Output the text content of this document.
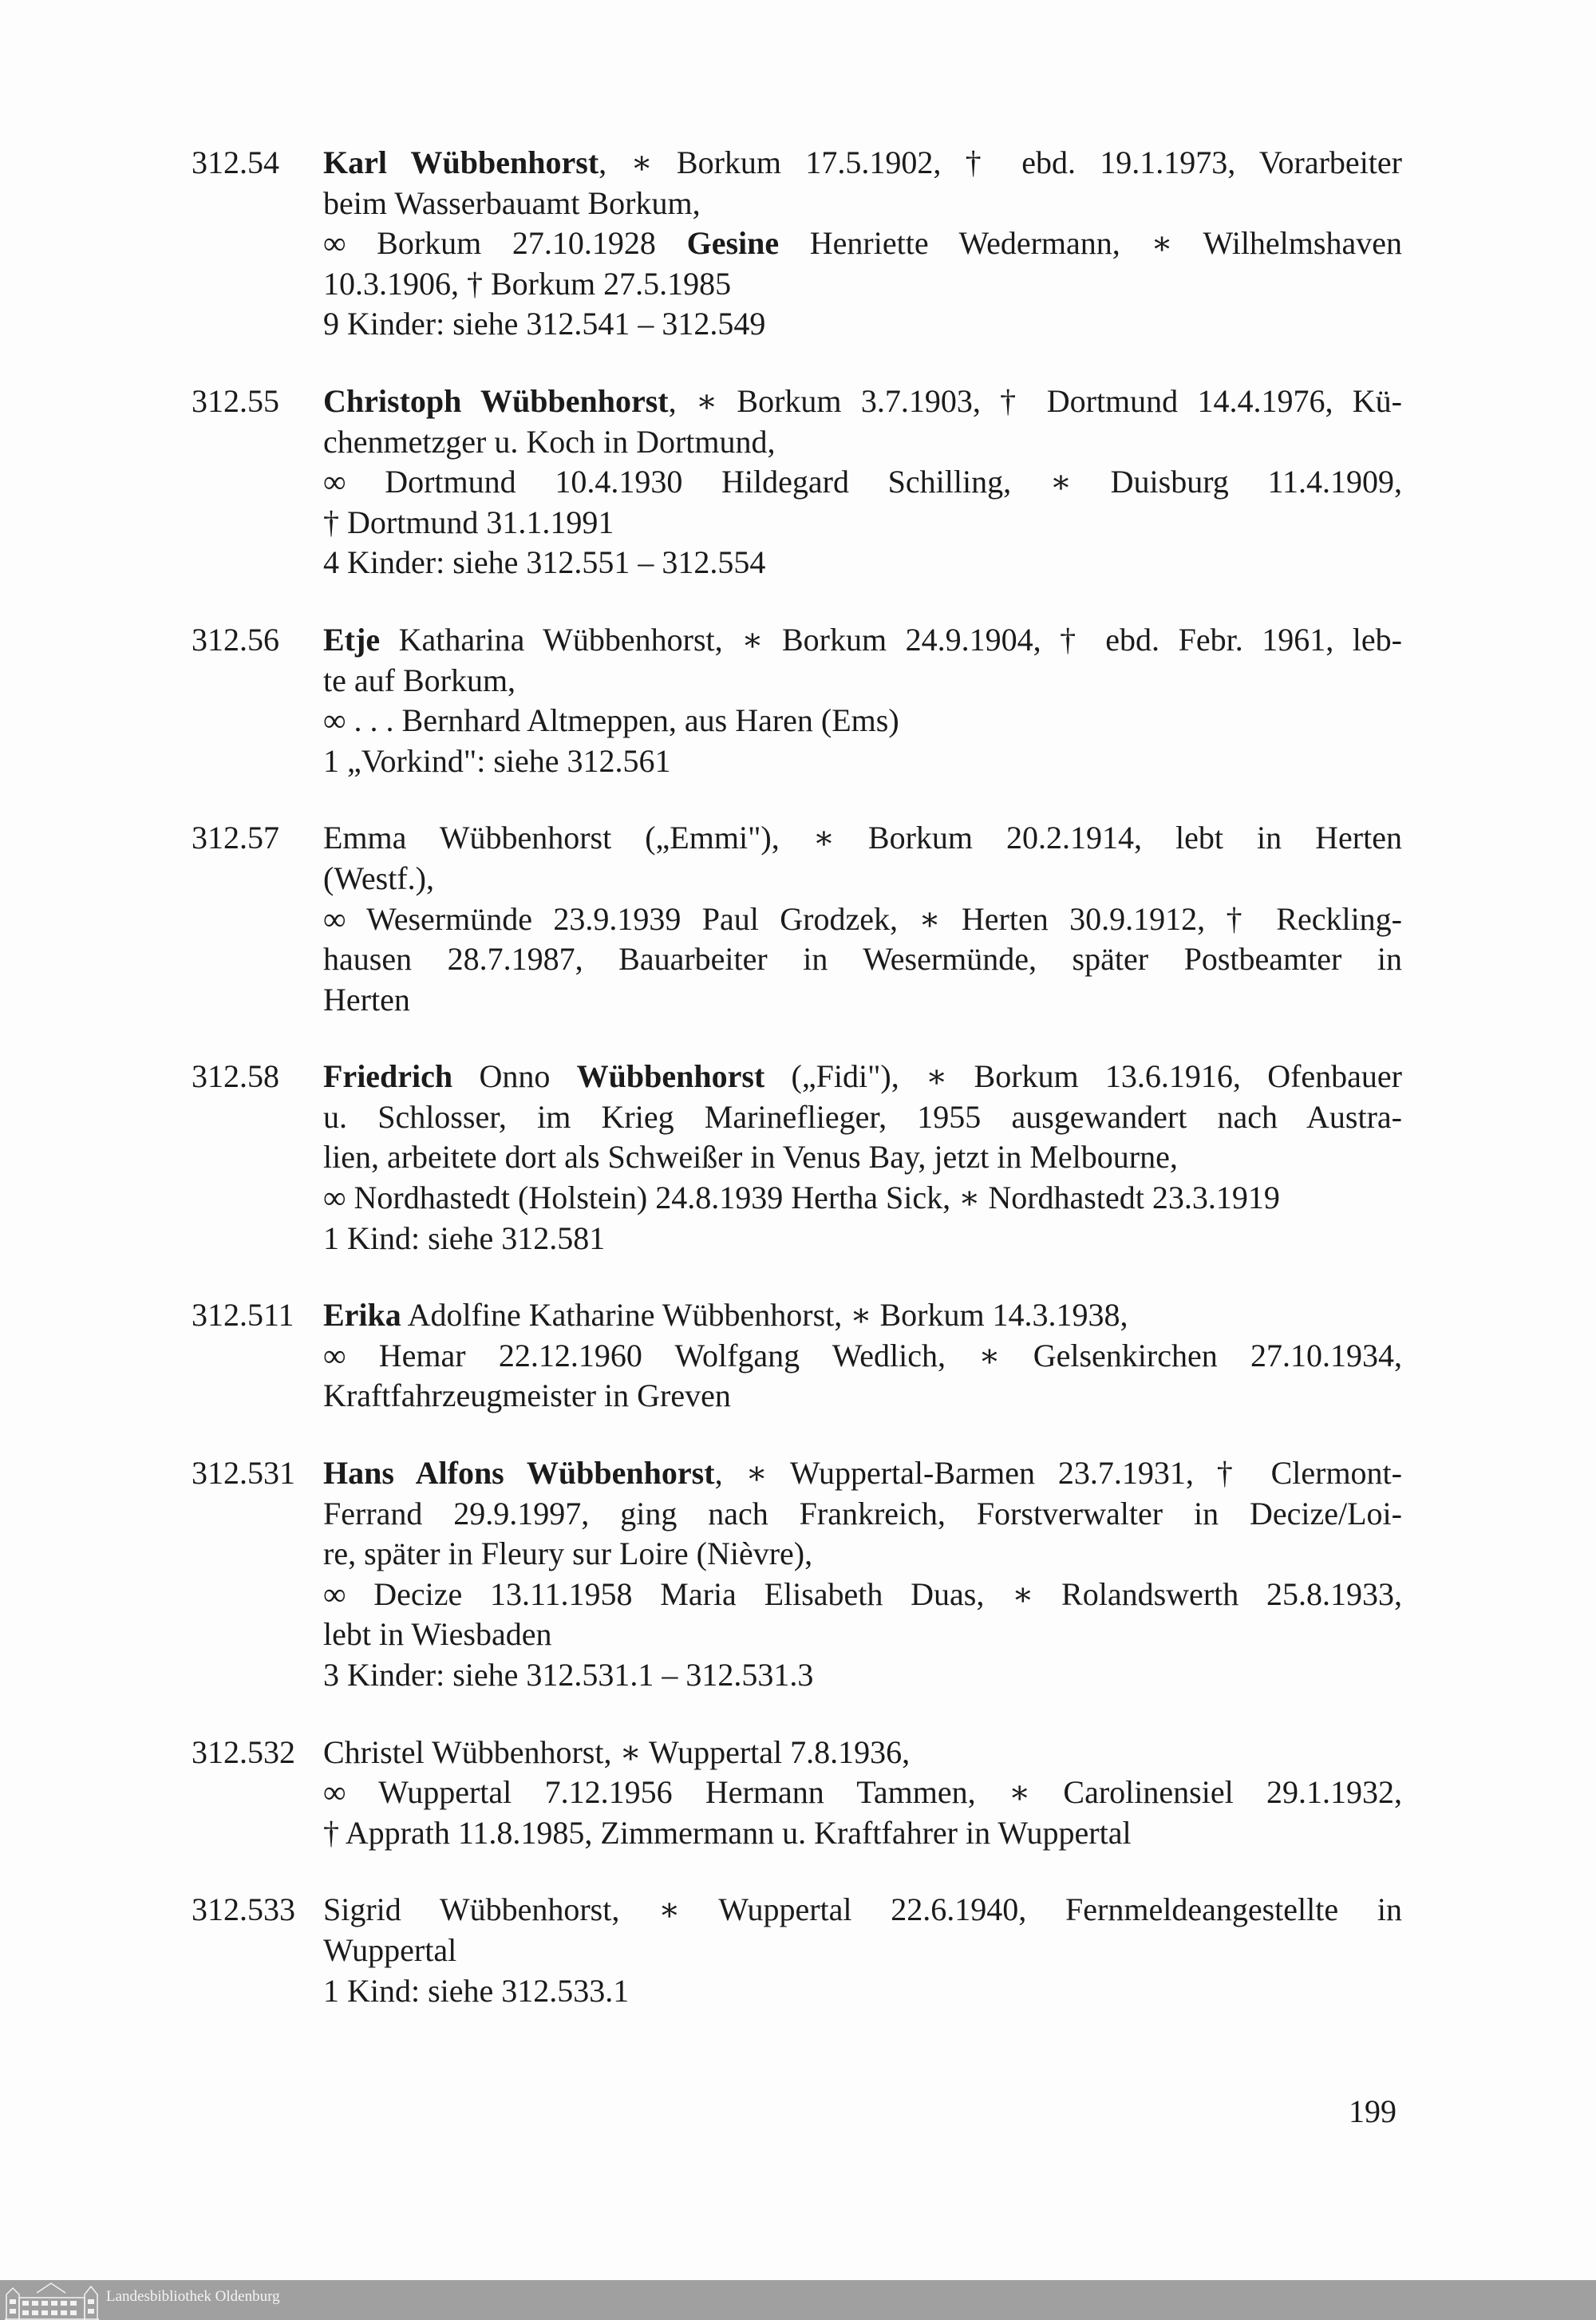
312.54 Karl Wübbenhorst, ∗ Borkum 17.5.1902, † ebd. 19.1.1973, Vorarbeiter
beim Wasserbauamt Borkum,
∞ Borkum 27.10.1928 Gesine Henriette Wedermann, ∗ Wilhelmshaven
10.3.1906, † Borkum 27.5.1985
9 Kinder: siehe 312.541 – 312.549
312.55 Christoph Wübbenhorst, ∗ Borkum 3.7.1903, † Dortmund 14.4.1976, Kü-
chenmetzger u. Koch in Dortmund,
∞ Dortmund 10.4.1930 Hildegard Schilling, ∗ Duisburg 11.4.1909,
† Dortmund 31.1.1991
4 Kinder: siehe 312.551 – 312.554
312.56 Etje Katharina Wübbenhorst, ∗ Borkum 24.9.1904, † ebd. Febr. 1961, leb-
te auf Borkum,
∞ . . . Bernhard Altmeppen, aus Haren (Ems)
1 „Vorkind": siehe 312.561
312.57 Emma Wübbenhorst („Emmi"), ∗ Borkum 20.2.1914, lebt in Herten
(Westf.),
∞ Wesermünde 23.9.1939 Paul Grodzek, ∗ Herten 30.9.1912, † Reckling-
hausen 28.7.1987, Bauarbeiter in Wesermünde, später Postbeamter in
Herten
312.58 Friedrich Onno Wübbenhorst („Fidi"), ∗ Borkum 13.6.1916, Ofenbauer
u. Schlosser, im Krieg Marineflieger, 1955 ausgewandert nach Austra-
lien, arbeitete dort als Schweißer in Venus Bay, jetzt in Melbourne,
∞ Nordhastedt (Holstein) 24.8.1939 Hertha Sick, ∗ Nordhastedt 23.3.1919
1 Kind: siehe 312.581
312.511 Erika Adolfine Katharine Wübbenhorst, ∗ Borkum 14.3.1938,
∞ Hemar 22.12.1960 Wolfgang Wedlich, ∗ Gelsenkirchen 27.10.1934,
Kraftfahrzeugmeister in Greven
312.531 Hans Alfons Wübbenhorst, ∗ Wuppertal-Barmen 23.7.1931, † Clermont-
Ferrand 29.9.1997, ging nach Frankreich, Forstverwalter in Decize/Loi-
re, später in Fleury sur Loire (Nièvre),
∞ Decize 13.11.1958 Maria Elisabeth Duas, ∗ Rolandswerth 25.8.1933,
lebt in Wiesbaden
3 Kinder: siehe 312.531.1 – 312.531.3
312.532 Christel Wübbenhorst, ∗ Wuppertal 7.8.1936,
∞ Wuppertal 7.12.1956 Hermann Tammen, ∗ Carolinensiel 29.1.1932,
† Apprath 11.8.1985, Zimmermann u. Kraftfahrer in Wuppertal
312.533 Sigrid Wübbenhorst, ∗ Wuppertal 22.6.1940, Fernmeldeangestellte in
Wuppertal
1 Kind: siehe 312.533.1
199
Landesbibliothek Oldenburg
